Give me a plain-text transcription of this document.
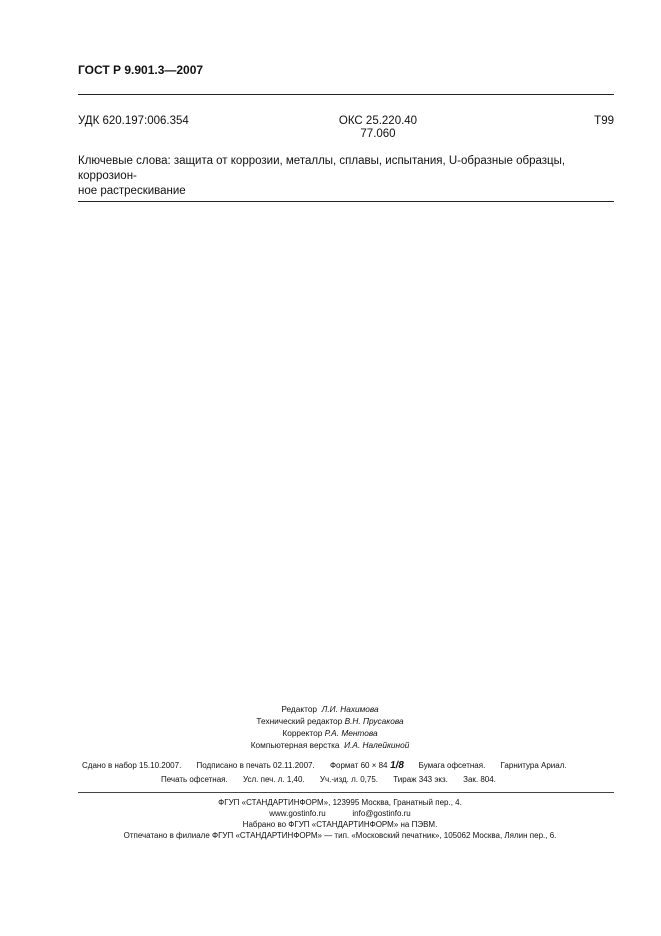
ГОСТ Р 9.901.3—2007
УДК 620.197:006.354	ОКС 25.220.40
77.060
Т99
Ключевые слова: защита от коррозии, металлы, сплавы, испытания, U-образные образцы, коррозион-
ное растрескивание
Редактор Л.И. Нахимова
Технический редактор В.Н. Прусакова
Корректор Р.А. Ментова
Компьютерная верстка И.А. Налейкиной
Сдано в набор 15.10.2007. Подписано в печать 02.11.2007. Формат 60 × 841/8 Бумага офсетная. Гарнитура Ариал.
Печать офсетная. Усл. печ. л. 1,40. Уч.-изд. л. 0,75. Тираж 343 экз. Зак. 804.
ФГУП «СТАНДАРТИНФОРМ», 123995 Москва, Гранатный пер., 4.
www.gostinfo.ru	info@gostinfo.ru
Набрано во ФГУП «СТАНДАРТИНФОРМ» на ПЭВМ.
Отпечатано в филиале ФГУП «СТАНДАРТИНФОРМ» — тип. «Московский печатник», 105062 Москва, Лялин пер., 6.
